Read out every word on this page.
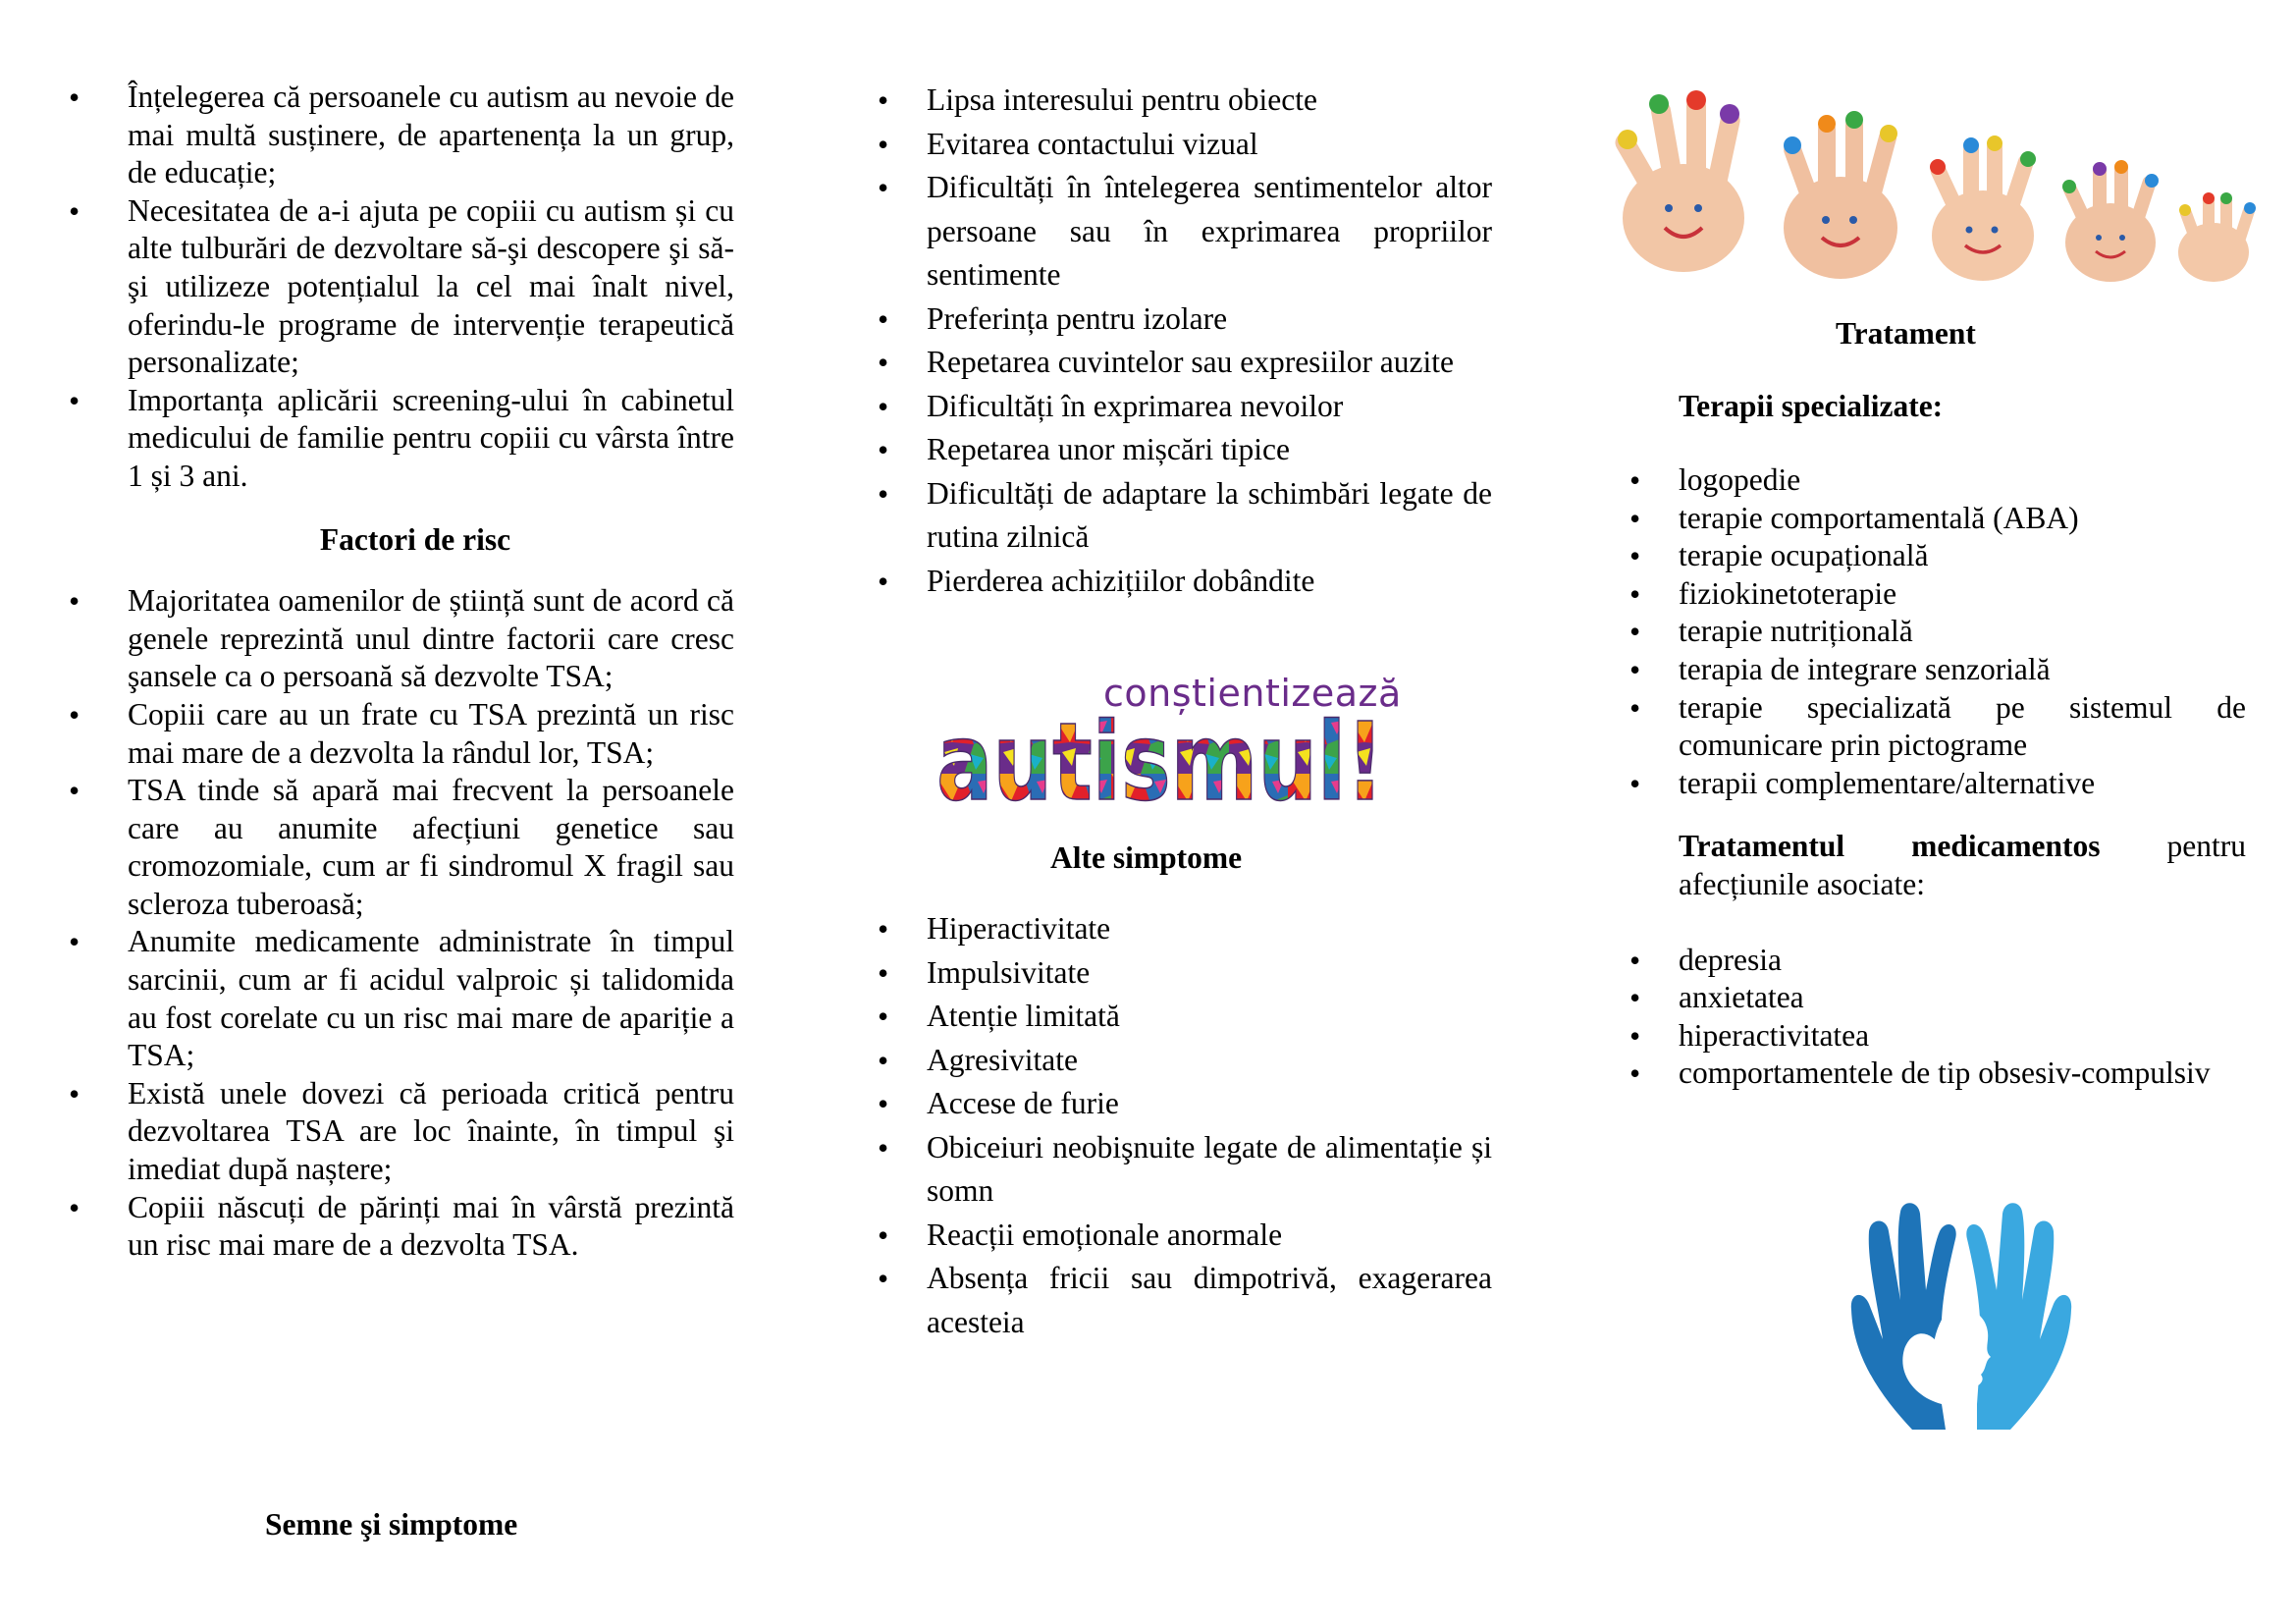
• Înțelegerea că persoanele cu autism au nevoie de mai multă susținere, de apartenența la un grup, de educație;
• Necesitatea de a-i ajuta pe copiii cu autism și cu alte tulburări de dezvoltare să-şi descopere şi să-şi utilizeze potențialul la cel mai înalt nivel, oferindu-le programe de intervenție terapeutică personalizate;
• Importanța aplicării screening-ului în cabinetul medicului de familie pentru copiii cu vârsta între 1 și 3 ani.
Factori de risc
• Majoritatea oamenilor de știință sunt de acord că genele reprezintă unul dintre factorii care cresc şansele ca o persoană să dezvolte TSA;
• Copiii care au un frate cu TSA prezintă un risc mai mare de a dezvolta la rândul lor, TSA;
• TSA tinde să apară mai frecvent la persoanele care au anumite afecțiuni genetice sau cromozomiale, cum ar fi sindromul X fragil sau scleroza tuberoasă;
• Anumite medicamente administrate în timpul sarcinii, cum ar fi acidul valproic și talidomida au fost corelate cu un risc mai mare de apariție a TSA;
• Există unele dovezi că perioada critică pentru dezvoltarea TSA are loc înainte, în timpul şi imediat după naștere;
• Copiii născuți de părinți mai în vârstă prezintă un risc mai mare de a dezvolta TSA.
Semne şi simptome
• Lipsa interesului pentru obiecte
• Evitarea contactului vizual
• Dificultăți în întelegerea sentimentelor altor persoane sau în exprimarea propriilor sentimente
• Preferința pentru izolare
• Repetarea cuvintelor sau expresiilor auzite
• Dificultăți în exprimarea nevoilor
• Repetarea unor mișcări tipice
• Dificultăți de adaptare la schimbări legate de rutina zilnică
• Pierderea achizițiilor dobândite
conștientizează
autismul!
Alte simptome
• Hiperactivitate
• Impulsivitate
• Atenție limitată
• Agresivitate
• Accese de furie
• Obiceiuri neobişnuite legate de alimentație și somn
• Reacții emoționale anormale
• Absența fricii sau dimpotrivă, exagerarea acesteia
Tratament
Terapii specializate:
• logopedie
• terapie comportamentală (ABA)
• terapie ocupațională
• fiziokinetoterapie
• terapie nutrițională
• terapia de integrare senzorială
• terapie specializată pe sistemul de comunicare prin pictograme
• terapii complementare/alternative

Tratamentul medicamentos pentru afecțiunile asociate:

• depresia
• anxietatea
• hiperactivitatea
• comportamentele de tip obsesiv-compulsiv
